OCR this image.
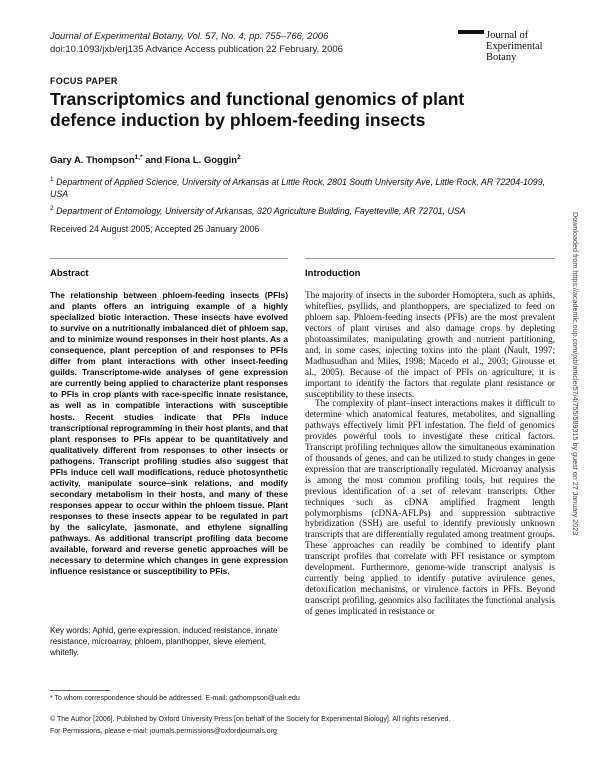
Journal of Experimental Botany, Vol. 57, No. 4, pp. 755–766, 2006
doi:10.1093/jxb/erj135 Advance Access publication 22 February, 2006
Journal of
Experimental
Botany
FOCUS PAPER
Transcriptomics and functional genomics of plant defence induction by phloem-feeding insects
Gary A. Thompson$^{1,*}$ and Fiona L. Goggin$^2$
$^1$ Department of Applied Science, University of Arkansas at Little Rock, 2801 South University Ave, Little Rock, AR 72204-1099, USA
$^2$ Department of Entomology, University of Arkansas, 320 Agriculture Building, Fayetteville, AR 72701, USA
Received 24 August 2005; Accepted 25 January 2006	Downloaded from https://academic.oup.com/jxb/article/57/4/755/589315 by guest on 27 January 2023
Abstract

The relationship between phloem-feeding insects (PFIs) and plants offers an intriguing example of a highly specialized biotic interaction. These insects have evolved to survive on a nutritionally imbalanced diet of phloem sap, and to minimize wound responses in their host plants. As a consequence, plant perception of and responses to PFIs differ from plant interactions with other insect-feeding guilds. Transcriptome-wide analyses of gene expression are currently being applied to characterize plant responses to PFIs in crop plants with race-specific innate resistance, as well as in compatible interactions with susceptible hosts. Recent studies indicate that PFIs induce transcriptional reprogramming in their host plants, and that plant responses to PFIs appear to be quantitatively and qualitatively different from responses to other insects or pathogens. Transcript profiling studies also suggest that PFIs induce cell wall modifications, reduce photosynthetic activity, manipulate source–sink relations, and modify secondary metabolism in their hosts, and many of these responses appear to occur within the phloem tissue. Plant responses to these insects appear to be regulated in part by the salicylate, jasmonate, and ethylene signalling pathways. As additional transcript profiling data become available, forward and reverse genetic approaches will be necessary to determine which changes in gene expression influence resistance or susceptibility to PFIs.

Key words: Aphid, gene expression, induced resistance, innate resistance, microarray, phloem, planthopper, sieve element, whitefly.

Introduction

The majority of insects in the suborder Homoptera, such as aphids, whiteflies, psyllids, and planthoppers, are specialized to feed on phloem sap. Phloem-feeding insects (PFIs) are the most prevalent vectors of plant viruses and also damage crops by depleting photoassimilates, manipulating growth and nutrient partitioning, and, in some cases, injecting toxins into the plant (Nault, 1997; Madhusudhan and Miles, 1998; Macedo et al., 2003; Girousse et al., 2005). Because of the impact of PFIs on agriculture, it is important to identify the factors that regulate plant resistance or susceptibility to these insects.

The complexity of plant–insect interactions makes it difficult to determine which anatomical features, metabolites, and signalling pathways effectively limit PFI infestation. The field of genomics provides powerful tools to investigate these critical factors. Transcript profiling techniques allow the simultaneous examination of thousands of genes, and can be utilized to study changes in gene expression that are transcriptionally regulated. Microarray analysis is among the most common profiling tools, but requires the previous identification of a set of relevant transcripts. Other techniques such as cDNA amplified fragment length polymorphisms (cDNA-AFLPs) and suppression subtractive hybridization (SSH) are useful to identify previously unknown transcripts that are differentially regulated among treatment groups. These approaches can readily be combined to identify plant transcript profiles that correlate with PFI resistance or symptom development. Furthermore, genome-wide transcript analysis is currently being applied to identify putative avirulence genes, detoxification mechanisms, or virulence factors in PFIs. Beyond transcript profiling, genomics also facilitates the functional analysis of genes implicated in resistance or

* To whom correspondence should be addressed. E-mail: gathompson@ualr.edu
© The Author [2006]. Published by Oxford University Press [on behalf of the Society for Experimental Biology]. All rights reserved.
For Permissions, please e-mail: journals.permissions@oxfordjournals.org
